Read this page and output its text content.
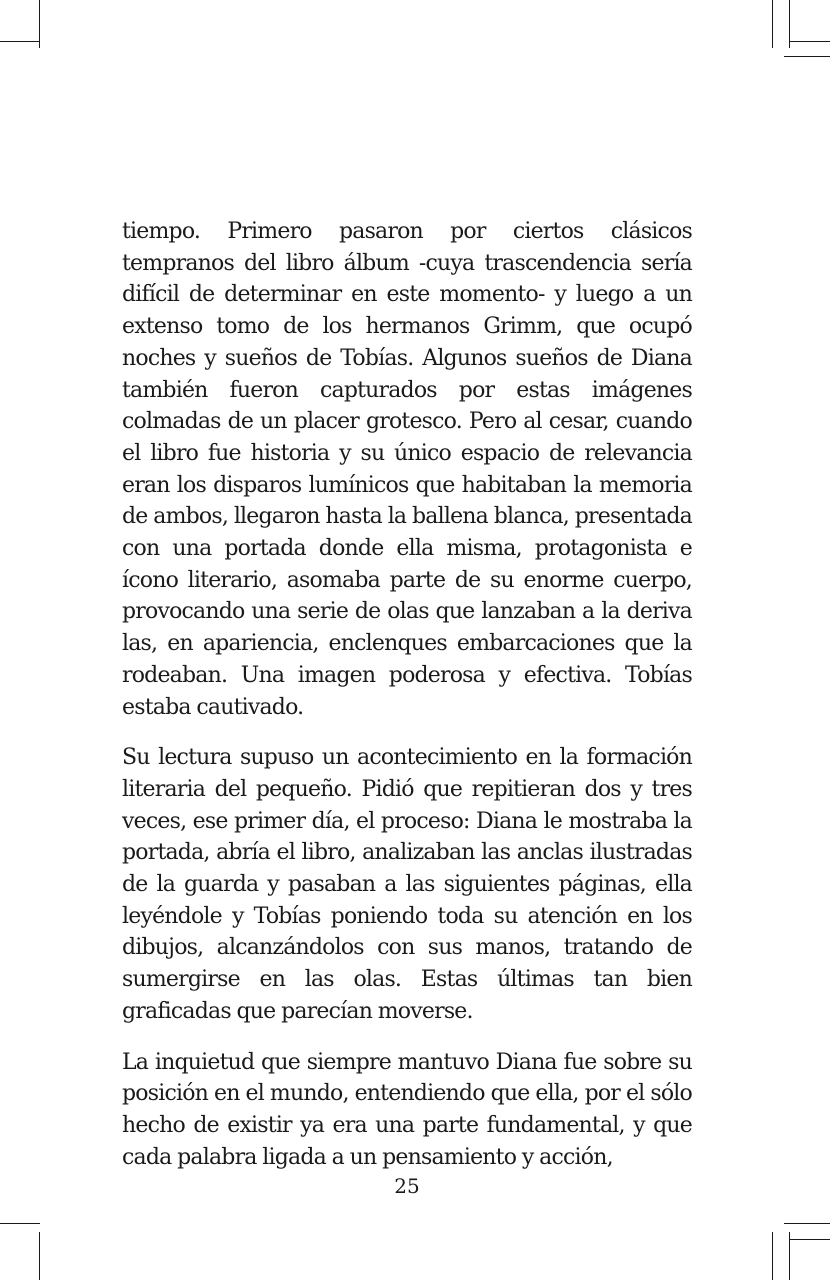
tiempo. Primero pasaron por ciertos clásicos tempranos del libro álbum -cuya trascendencia sería difícil de determinar en este momento- y luego a un extenso tomo de los hermanos Grimm, que ocupó noches y sueños de Tobías. Algunos sueños de Diana también fueron capturados por estas imágenes colmadas de un placer grotesco. Pero al cesar, cuando el libro fue historia y su único espacio de relevancia eran los disparos lumínicos que habitaban la memoria de ambos, llegaron hasta la ballena blanca, presentada con una portada donde ella misma, protagonista e ícono literario, asomaba parte de su enorme cuerpo, provocando una serie de olas que lanzaban a la deriva las, en apariencia, enclenques embarcaciones que la rodeaban. Una imagen poderosa y efectiva. Tobías estaba cautivado.

Su lectura supuso un acontecimiento en la formación literaria del pequeño. Pidió que repitieran dos y tres veces, ese primer día, el proceso: Diana le mostraba la portada, abría el libro, analizaban las anclas ilustradas de la guarda y pasaban a las siguientes páginas, ella leyéndole y Tobías poniendo toda su atención en los dibujos, alcanzándolos con sus manos, tratando de sumergirse en las olas. Estas últimas tan bien graficadas que parecían moverse.

La inquietud que siempre mantuvo Diana fue sobre su posición en el mundo, entendiendo que ella, por el sólo hecho de existir ya era una parte fundamental, y que cada palabra ligada a un pensamiento y acción,

25
